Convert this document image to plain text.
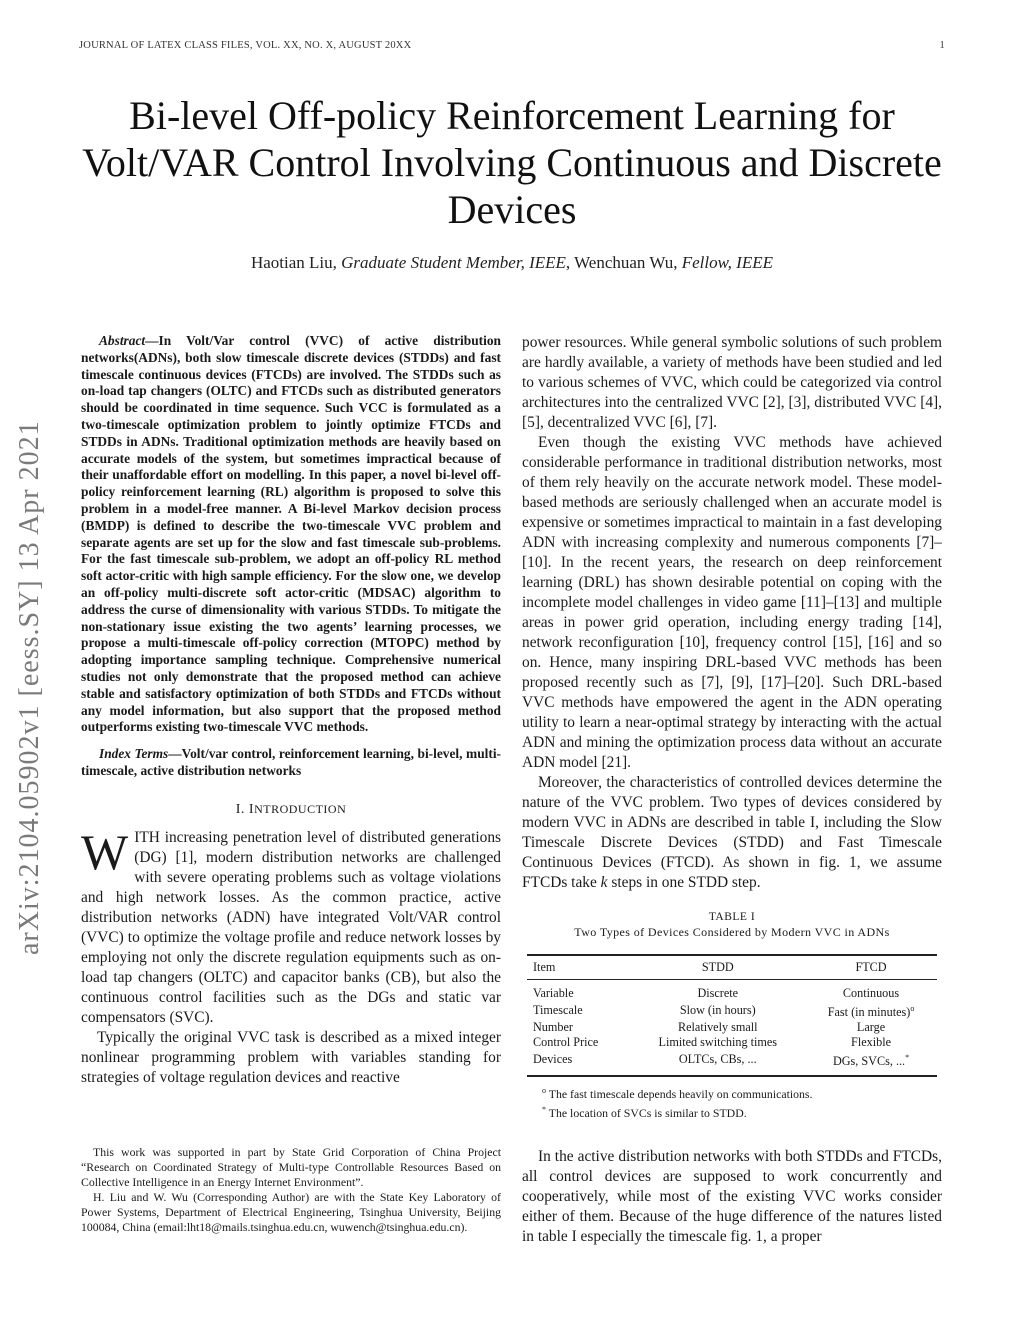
JOURNAL OF LATEX CLASS FILES, VOL. XX, NO. X, AUGUST 20XX	1
Bi-level Off-policy Reinforcement Learning for Volt/VAR Control Involving Continuous and Discrete Devices
Haotian Liu, Graduate Student Member, IEEE, Wenchuan Wu, Fellow, IEEE
arXiv:2104.05902v1 [eess.SY] 13 Apr 2021

Abstract—In Volt/Var control (VVC) of active distribution networks(ADNs), both slow timescale discrete devices (STDDs) and fast timescale continuous devices (FTCDs) are involved. The STDDs such as on-load tap changers (OLTC) and FTCDs such as distributed generators should be coordinated in time sequence. Such VCC is formulated as a two-timescale optimization problem to jointly optimize FTCDs and STDDs in ADNs. Traditional optimization methods are heavily based on accurate models of the system, but sometimes impractical because of their unaffordable effort on modelling. In this paper, a novel bi-level off-policy reinforcement learning (RL) algorithm is proposed to solve this problem in a model-free manner. A Bi-level Markov decision process (BMDP) is defined to describe the two-timescale VVC problem and separate agents are set up for the slow and fast timescale sub-problems. For the fast timescale sub-problem, we adopt an off-policy RL method soft actor-critic with high sample efficiency. For the slow one, we develop an off-policy multi-discrete soft actor-critic (MDSAC) algorithm to address the curse of dimensionality with various STDDs. To mitigate the non-stationary issue existing the two agents’ learning processes, we propose a multi-timescale off-policy correction (MTOPC) method by adopting importance sampling technique. Comprehensive numerical studies not only demonstrate that the proposed method can achieve stable and satisfactory optimization of both STDDs and FTCDs without any model information, but also support that the proposed method outperforms existing two-timescale VVC methods.

Index Terms—Volt/var control, reinforcement learning, bi-level, multi-timescale, active distribution networks

I. INTRODUCTION

WITH increasing penetration level of distributed generations (DG) [1], modern distribution networks are challenged with severe operating problems such as voltage violations and high network losses. As the common practice, active distribution networks (ADN) have integrated Volt/VAR control (VVC) to optimize the voltage profile and reduce network losses by employing not only the discrete regulation equipments such as on-load tap changers (OLTC) and capacitor banks (CB), but also the continuous control facilities such as the DGs and static var compensators (SVC).

Typically the original VVC task is described as a mixed integer nonlinear programming problem with variables standing for strategies of voltage regulation devices and reactive

This work was supported in part by State Grid Corporation of China Project “Research on Coordinated Strategy of Multi-type Controllable Resources Based on Collective Intelligence in an Energy Internet Environment”.

H. Liu and W. Wu (Corresponding Author) are with the State Key Laboratory of Power Systems, Department of Electrical Engineering, Tsinghua University, Beijing 100084, China (email:lht18@mails.tsinghua.edu.cn, wuwench@tsinghua.edu.cn).

power resources. While general symbolic solutions of such problem are hardly available, a variety of methods have been studied and led to various schemes of VVC, which could be categorized via control architectures into the centralized VVC [2], [3], distributed VVC [4], [5], decentralized VVC [6], [7].

Even though the existing VVC methods have achieved considerable performance in traditional distribution networks, most of them rely heavily on the accurate network model. These model-based methods are seriously challenged when an accurate model is expensive or sometimes impractical to maintain in a fast developing ADN with increasing complexity and numerous components [7]–[10]. In the recent years, the research on deep reinforcement learning (DRL) has shown desirable potential on coping with the incomplete model challenges in video game [11]–[13] and multiple areas in power grid operation, including energy trading [14], network reconfiguration [10], frequency control [15], [16] and so on. Hence, many inspiring DRL-based VVC methods has been proposed recently such as [7], [9], [17]–[20]. Such DRL-based VVC methods have empowered the agent in the ADN operating utility to learn a near-optimal strategy by interacting with the actual ADN and mining the optimization process data without an accurate ADN model [21].

Moreover, the characteristics of controlled devices determine the nature of the VVC problem. Two types of devices considered by modern VVC in ADNs are described in table I, including the Slow Timescale Discrete Devices (STDD) and Fast Timescale Continuous Devices (FTCD). As shown in fig. 1, we assume FTCDs take k steps in one STDD step.

TABLE I
Two Types of Devices Considered by Modern VVC in ADNs
Item	STDD	FTCD
Variable	Discrete	Continuous
Timescale	Slow (in hours)	Fast (in minutes)$^o$
Number	Relatively small	Large
Control Price	Limited switching times	Flexible
Devices	OLTCs, CBs, ...	DGs, SVCs, ...*
$^o$ The fast timescale depends heavily on communications.
* The location of SVCs is similar to STDD.

In the active distribution networks with both STDDs and FTCDs, all control devices are supposed to work concurrently and cooperatively, while most of the existing VVC works consider either of them. Because of the huge difference of the natures listed in table I especially the timescale fig. 1, a proper
